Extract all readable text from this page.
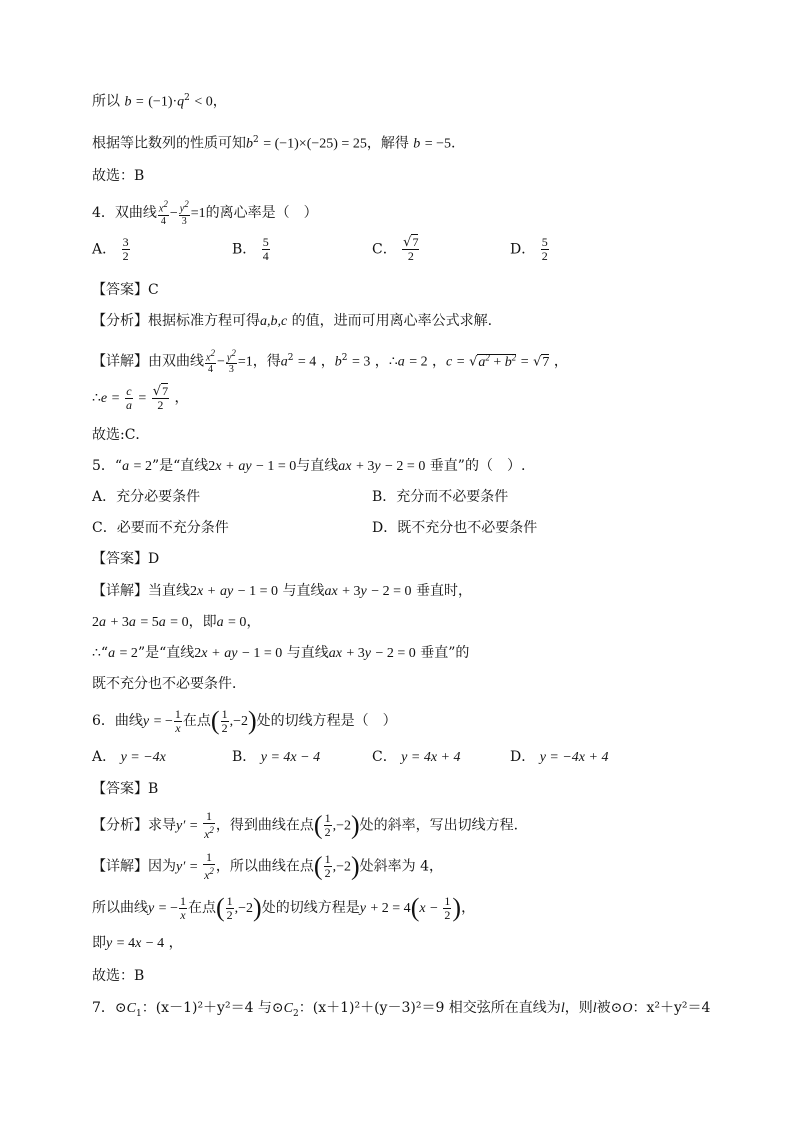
所以 $b = (-1)\cdot q^2 < 0$，
根据等比数列的性质可知$b^2 = (-1)\times(-25) = 25$，解得 b = −5.
故选：B
4．双曲线 $\frac{x2}{4} - \frac{y2}{3} =1$的离心率是（　）
A． $\frac{3}{2}$	B． $\frac{5}{4}$	C． $\frac{√7}{2}$	D． $\frac{5}{2}$
【答案】C
【分析】根据标准方程可得a,b,c 的值，进而可用离心率公式求解.
【详解】由双曲线 $\frac{x2}{4} - \frac{y2}{3} =1$，得$a^2 = 4$ ，$b^2 = 3$ ，∴a = 2 ，$c = √a^2 + b^2 = √7$ ，
∴e = $\frac{c}{a} = \frac{√7}{2}$ ，
故选:C．
5．“a = 2”是“直线2x + ay − 1 = 0与直线ax + 3y − 2 = 0 垂直”的（　）.
A．充分必要条件	B．充分而不必要条件
C．必要而不充分条件	D．既不充分也不必要条件
【答案】D
【详解】当直线2x + ay − 1 = 0 与直线ax + 3y − 2 = 0 垂直时，
2a + 3a = 5a = 0，即a = 0，
∴“a = 2”是“直线2x + ay − 1 = 0 与直线ax + 3y − 2 = 0 垂直”的
既不充分也不必要条件．
6．曲线y = − $\frac{1}{x}$ 在点( $\frac{1}{2} ,-2$)处的切线方程是（　）
A． y = −4x	B． y = 4x − 4	C． y = 4x + 4	D． y = −4x + 4
【答案】B
【分析】求导$y' = \frac{1}{x^2}$ ，得到曲线在点( $\frac{1}{2} ,-2$)处的斜率，写出切线方程.
【详解】因为$y' = \frac{1}{x^2}$ ，所以曲线在点( $\frac{1}{2} ,-2$)处斜率为 4，
所以曲线y = − $\frac{1}{x}$ 在点( $\frac{1}{2} ,-2$)处的切线方程是$y + 2 = 4(x - \frac{1}{2}$ )，
即y = 4x − 4 ，
故选：B
7．$⊙C_1$：(x－1)²＋y²＝4 与$⊙C_2$：(x＋1)²＋(y－3)²＝9 相交弦所在直线为l，则l被⊙O：x²＋y²＝4
